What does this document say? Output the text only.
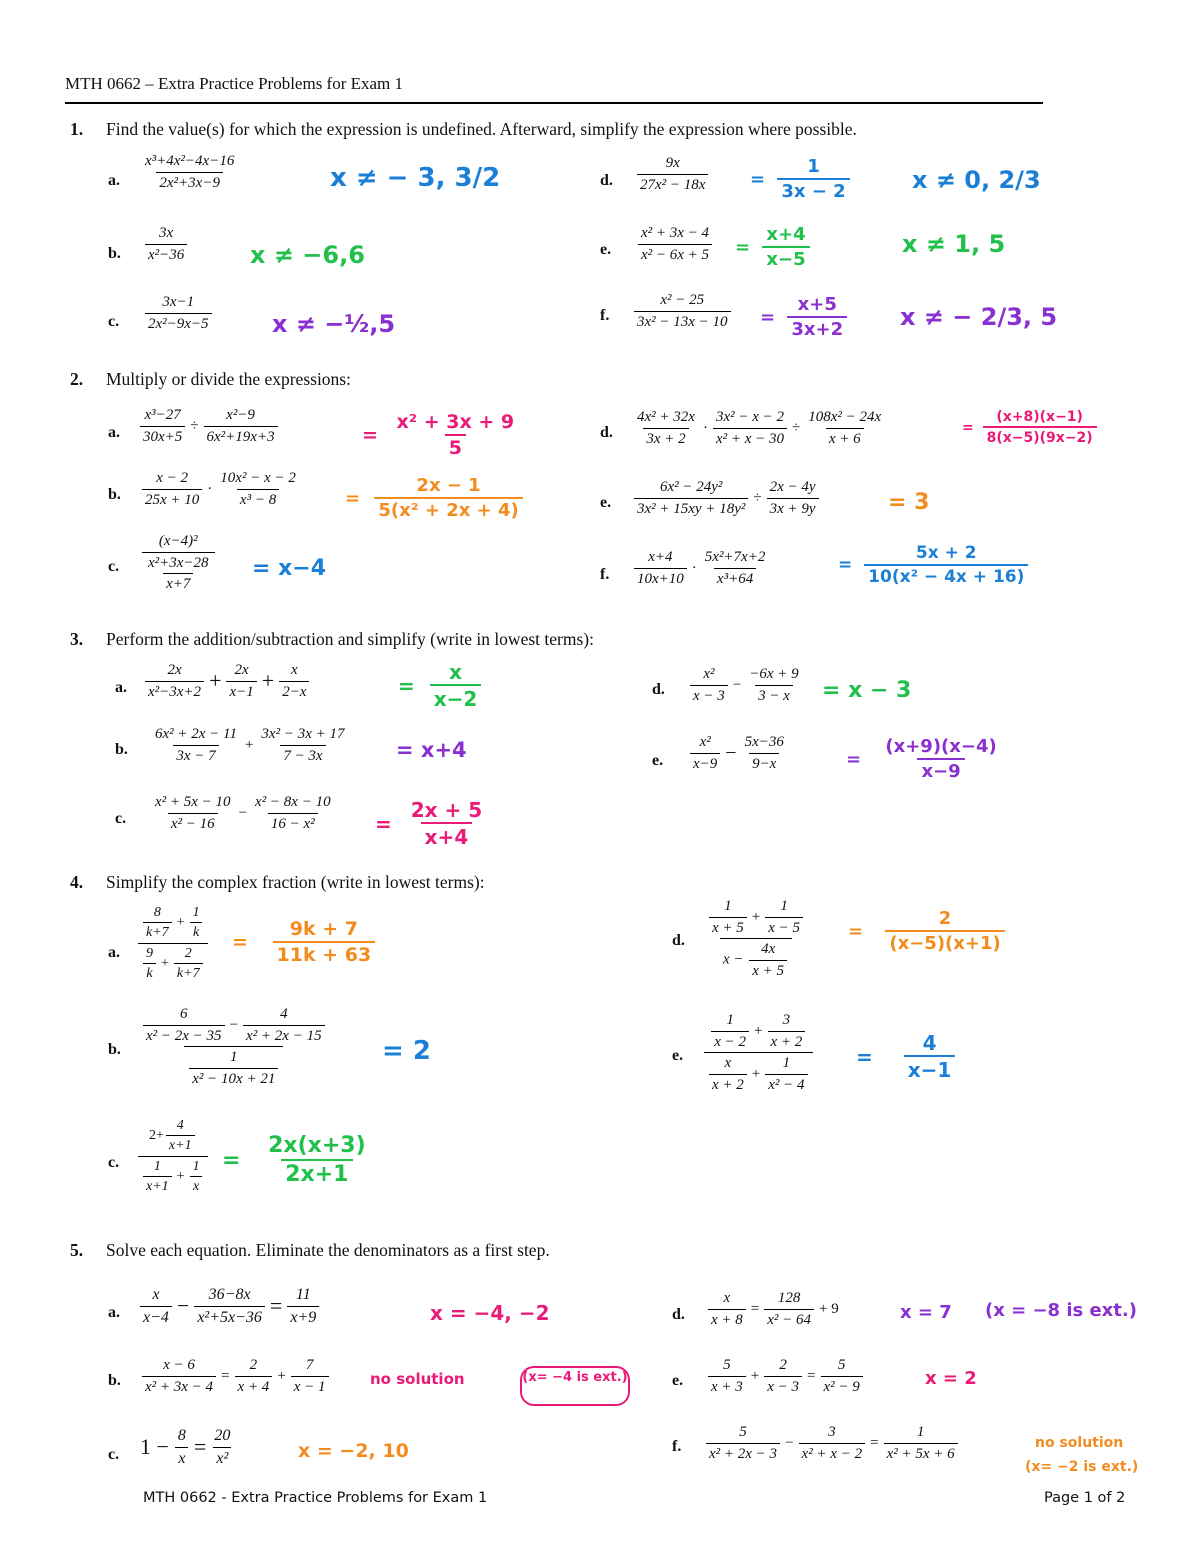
MTH 0662 – Extra Practice Problems for Exam 1
1. Find the value(s) for which the expression is undefined. Afterward, simplify the expression where possible.
a. $\frac{\text{x³+4x²−4x−16}}{\text{2x²+3x−9}}$	x ≠ − 3, 3/2
b. $\frac{3x}{\text{x²−36}}$	x ≠ −6,6
c. $\frac{3x-1}{\text{2x²−9x−5}}$	x ≠ −½,5
d. $\frac{9x}{\text{27x² − 18x}} = \frac{1}{3x - 2}$	x ≠ 0, 2/3
e. $\frac{\text{x² + 3x − 4}}{\text{x² − 6x + 5}} = \frac{x+4}{x-5}$	x ≠ 1, 5
f. $\frac{\text{x² − 25}}{\text{3x² − 13x − 10}} = \frac{x+5}{3x+2}$ x ≠ − 2/3, 5
2. Multiply or divide the expressions:
a. $\frac{\text{x³−27}}{30x+5} \div \frac{\text{x²−9}}{\text{6x²+19x+3}}$	= $\frac{\text{x² + 3x + 9}}{5}$
b. $\frac{x - 2}{25x + 10} \cdot \frac{\text{10x² − x − 2}}{\text{x³ − 8}}$	= $\frac{2x - 1}{\text{5(x² + 2x + 4)}}$
c. $\frac{\text{(x−4)²}}{\frac{\text{x²+3x−28}}{x+7}} = x-4$
d. $\frac{\text{4x² + 32x}}{3x + 2} \cdot \frac{\text{3x² − x − 2}}{\text{x² + x − 30}} \div \frac{\text{108x² − 24x}}{x + 6}$	= $\frac{(x+8)(x-1)}{8(x-5)(9x-2)}$
e. $\frac{\text{6x² − 24y²}}{\text{3x² + 15xy + 18y²}} \div \frac{2x - 4y}{3x + 9y}$	= 3
f. $\frac{x+4}{10x+10} \cdot \frac{\text{5x²+7x+2}}{\text{x³+64}}$	= $\frac{5x + 2}{\text{10(x² − 4x + 16)}}$
3. Perform the addition/subtraction and simplify (write in lowest terms):
a. $\frac{2x}{\text{x²−3x+2}} + \frac{2x}{x-1} + \frac{x}{2-x}$	= $\frac{x}{x-2}$
b. $\frac{\text{6x² + 2x − 11}}{3x - 7} + \frac{\text{3x² − 3x + 17}}{7 - 3x} = x+4$
c. $\frac{\text{x² + 5x − 10}}{\text{x² − 16}} - \frac{\text{x² − 8x − 10}}{\text{16 − x²}} = \frac{2x + 5}{x+4}$
d. $\frac{\text{x²}}{x - 3} - \frac{-6x + 9}{3 - x} = x - 3$
e. $\frac{\text{x²}}{x-9} - \frac{5x-36}{9-x}$	= $\frac{(x+9)(x-4)}{x-9}$
4. Simplify the complex fraction (write in lowest terms):
a. $\frac{\frac{8}{k+7} + \frac{1}{k}}{\frac{9}{k} + \frac{2}{k+7}} = \frac{9k + 7}{11k + 63}$
b. $\frac{\frac{6}{\text{x² − 2x − 35}} - \frac{4}{\text{x² + 2x − 15}}}{\frac{1}{\text{x² − 10x + 21}}} = 2$
c. $\frac{2+ \frac{4}{x+1}}{\frac{1}{x+1} + \frac{1}{x}} = \frac{2x(x+3)}{2x+1}$
d. $\frac{\frac{1}{x + 5} + \frac{1}{x - 5}}{x - \frac{4x}{x + 5}} = \frac{2}{(x-5)(x+1)}$
e. $\frac{\frac{1}{x - 2} + \frac{3}{x + 2}}{\frac{x}{x + 2} + \frac{1}{\text{x² − 4}}} = \frac{4}{x-1}$
5. Solve each equation. Eliminate the denominators as a first step.
a. $\frac{x}{x-4} - \frac{36-8x}{\text{x²+5x−36}} = \frac{11}{x+9}$	x = −4, −2
b. $\frac{x - 6}{\text{x² + 3x − 4}} = \frac{2}{x + 4} + \frac{7}{x - 1}$	no solution	(x= −4 is ext.)
c. $1 - \frac{8}{x} = \frac{20}{\text{x²}}$	x = −2, 10
d. $\frac{x}{x + 8} = \frac{128}{\text{x² − 64}} + 9$	x = 7 (x = −8 is ext.)
e. $\frac{5}{x + 3} + \frac{2}{x - 3} = \frac{5}{\text{x² − 9}}$	x = 2
f. $\frac{5}{\text{x² + 2x − 3}} - \frac{3}{\text{x² + x − 2}} = \frac{1}{\text{x² + 5x + 6}}$	no solution
(x= −2 is ext.)
MTH 0662 - Extra Practice Problems for Exam 1	Page 1 of 2
